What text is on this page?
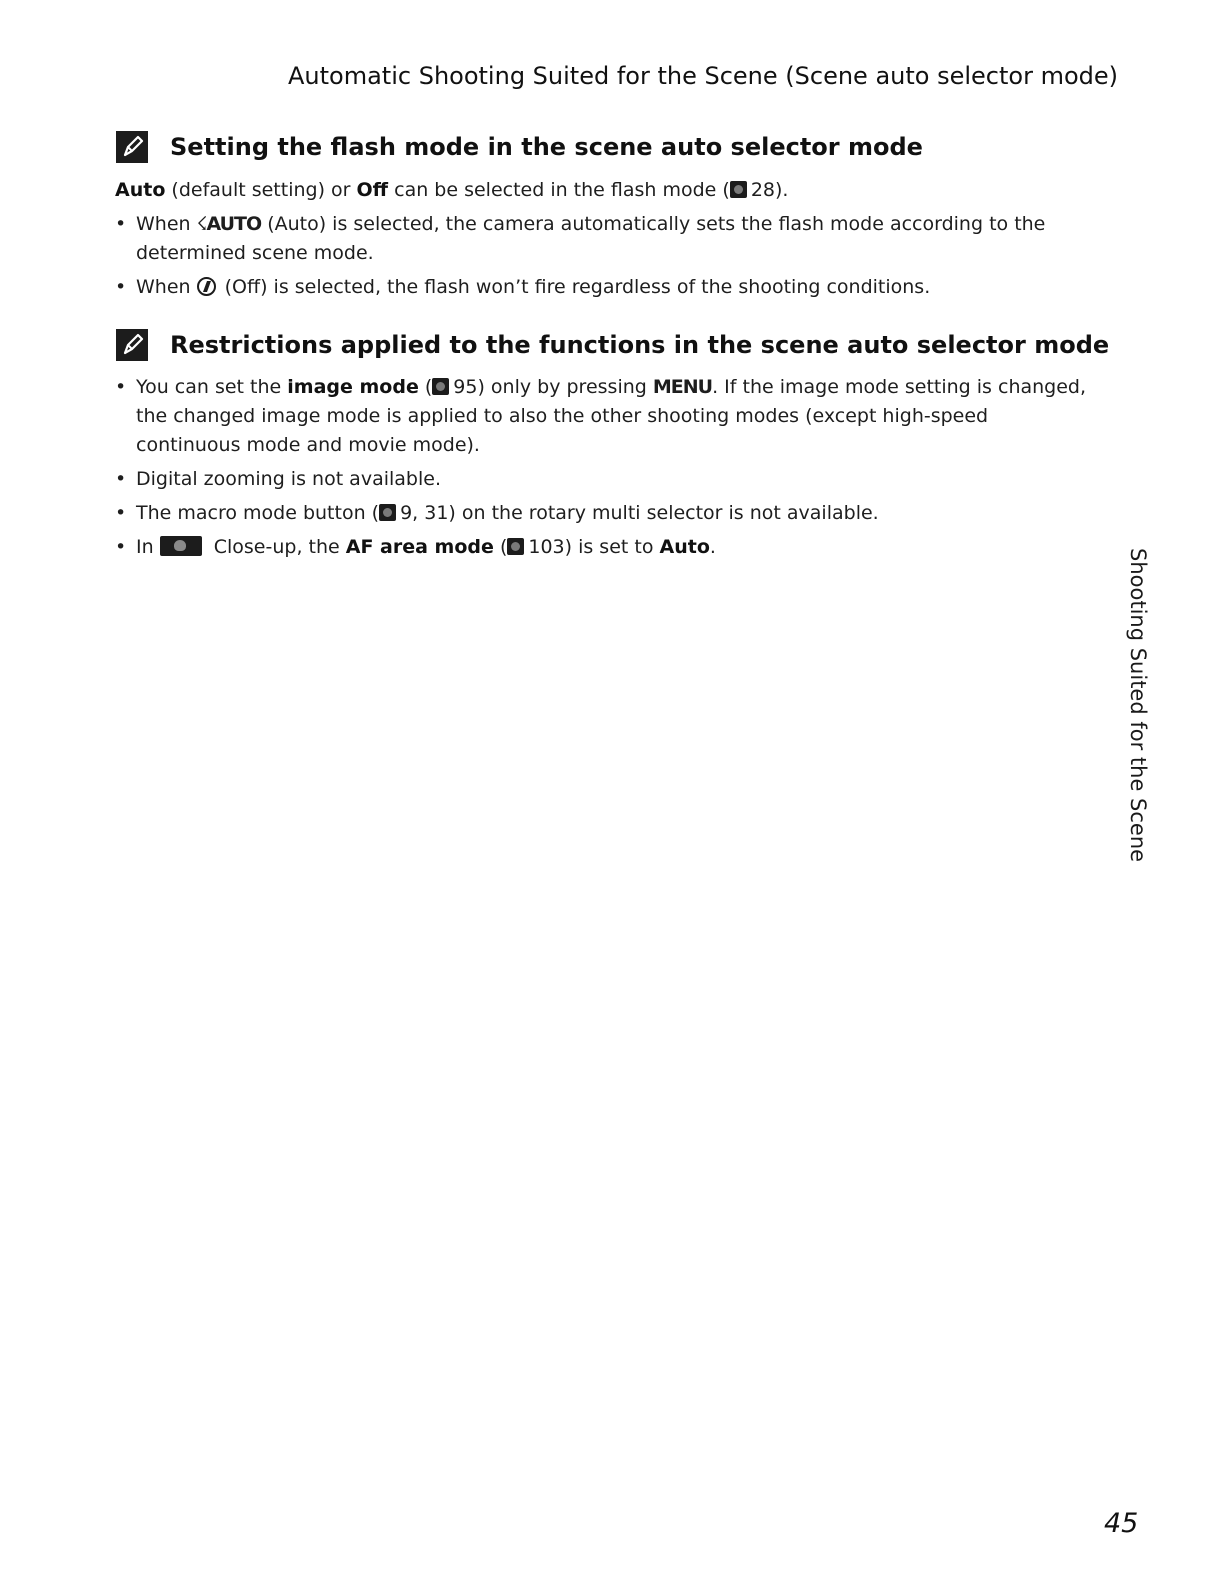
Automatic Shooting Suited for the Scene (Scene auto selector mode)
Setting the flash mode in the scene auto selector mode
Auto (default setting) or Off can be selected in the flash mode ( 28).
• When ☇AUTO (Auto) is selected, the camera automatically sets the flash mode according to the
determined scene mode.
• When  (Off) is selected, the flash won’t fire regardless of the shooting conditions.
Restrictions applied to the functions in the scene auto selector mode
• You can set the image mode ( 95) only by pressing MENU. If the image mode setting is changed,
the changed image mode is applied to also the other shooting modes (except high-speed
continuous mode and movie mode).
• Digital zooming is not available.
• The macro mode button ( 9, 31) on the rotary multi selector is not available.
• In	Close-up, the AF area mode ( 103) is set to Auto.
Shooting Suited for the Scene
45
